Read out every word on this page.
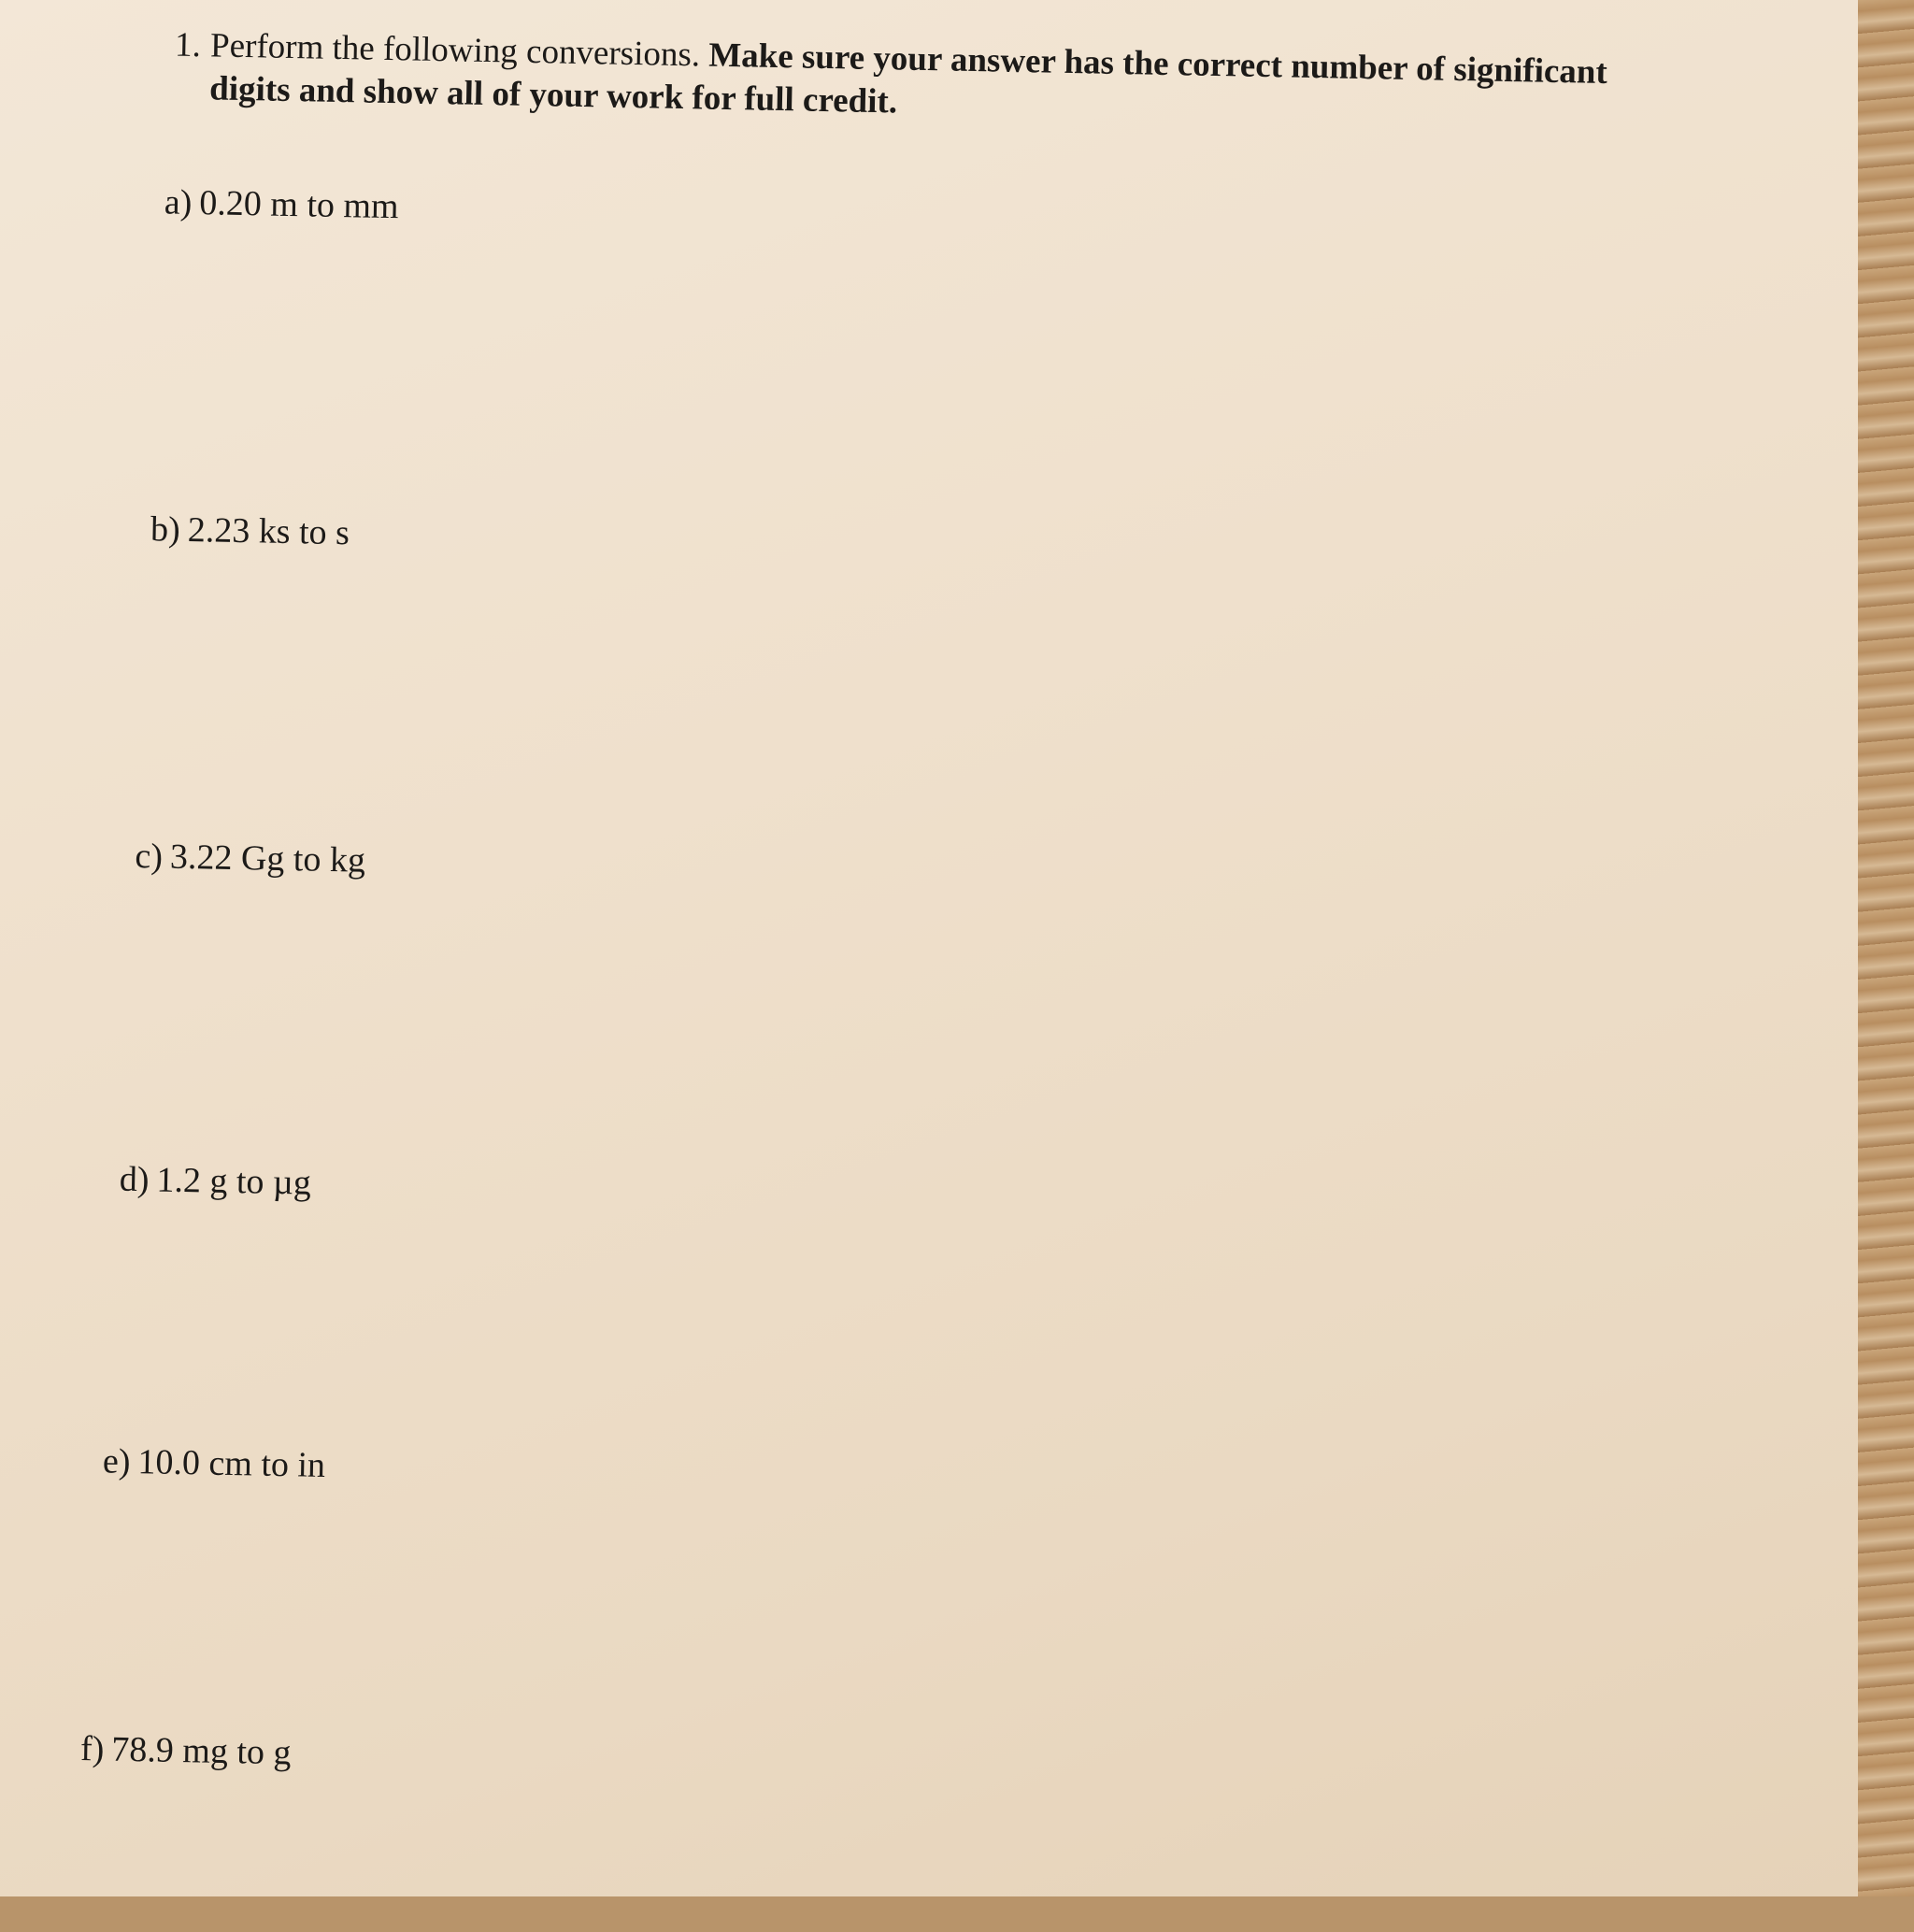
1. Perform the following conversions. Make sure your answer has the correct number of significant
digits and show all of your work for full credit.
a) 0.20 m to mm
b) 2.23 ks to s
c) 3.22 Gg to kg
d) 1.2 g to µg
e) 10.0 cm to in
f) 78.9 mg to g
